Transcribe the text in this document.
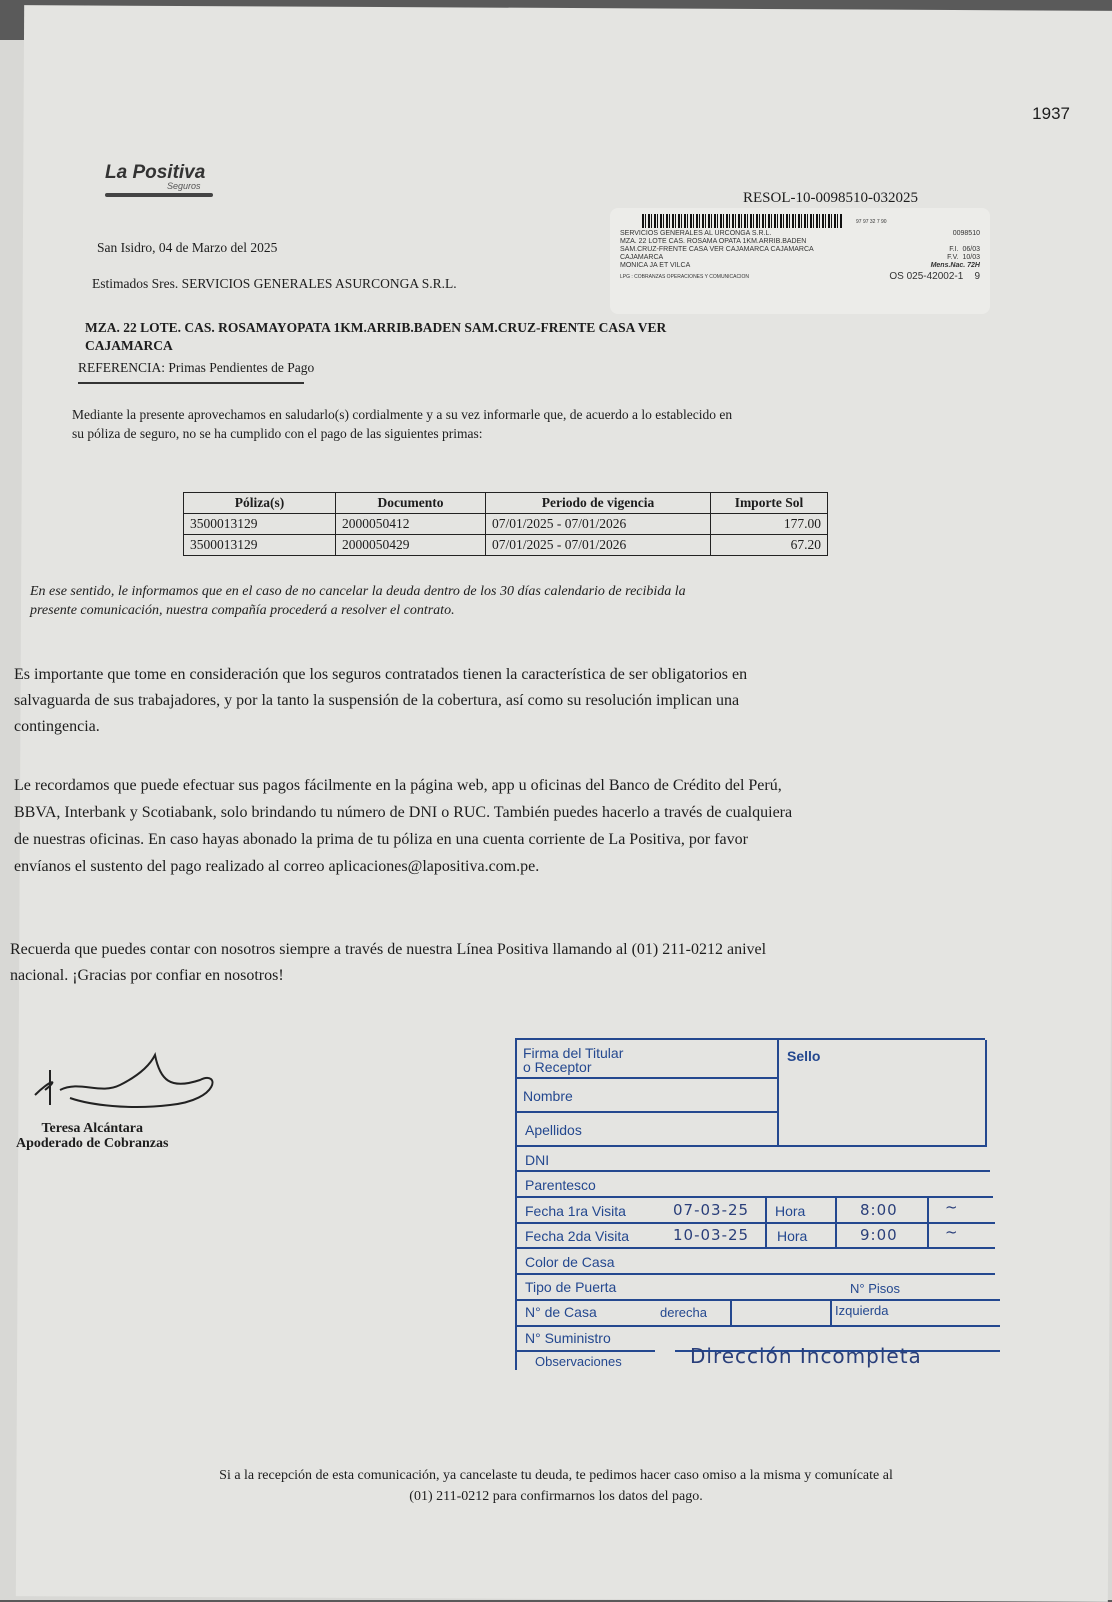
La Positiva
Seguros
1937
RESOL-10-0098510-032025
97 97 32 7 90
SERVICIOS GENERALES AL URCONGA S.R.L.	0098510
MZA. 22 LOTE CAS. ROSAMA OPATA 1KM.ARRIB.BADEN
SAM.CRUZ-FRENTE CASA VER CAJAMARCA CAJAMARCA	F.I. 06/03
CAJAMARCA	F.V. 10/03
MONICA JA ET VILCA	Mens.Nac. 72H
LPG : COBRANZAS OPERACIONES Y COMUNICACION	OS 025-42002-1 9
San Isidro, 04 de Marzo del 2025
Estimados Sres. SERVICIOS GENERALES ASURCONGA S.R.L.
MZA. 22 LOTE. CAS. ROSAMAYOPATA 1KM.ARRIB.BADEN SAM.CRUZ-FRENTE CASA VER
CAJAMARCA
REFERENCIA: Primas Pendientes de Pago
Mediante la presente aprovechamos en saludarlo(s) cordialmente y a su vez informarle que, de acuerdo a lo establecido en
su póliza de seguro, no se ha cumplido con el pago de las siguientes primas:
Póliza(s)	Documento	Periodo de vigencia	Importe Sol
3500013129	2000050412	07/01/2025 - 07/01/2026	177.00
3500013129	2000050429	07/01/2025 - 07/01/2026	67.20
En ese sentido, le informamos que en el caso de no cancelar la deuda dentro de los 30 días calendario de recibida la
presente comunicación, nuestra compañía procederá a resolver el contrato.
Es importante que tome en consideración que los seguros contratados tienen la característica de ser obligatorios en
salvaguarda de sus trabajadores, y por la tanto la suspensión de la cobertura, así como su resolución implican una
contingencia.
Le recordamos que puede efectuar sus pagos fácilmente en la página web, app u oficinas del Banco de Crédito del Perú,
BBVA, Interbank y Scotiabank, solo brindando tu número de DNI o RUC. También puedes hacerlo a través de cualquiera
de nuestras oficinas. En caso hayas abonado la prima de tu póliza en una cuenta corriente de La Positiva, por favor
envíanos el sustento del pago realizado al correo aplicaciones@lapositiva.com.pe.
Recuerda que puedes contar con nosotros siempre a través de nuestra Línea Positiva llamando al (01) 211-0212 anivel
nacional. ¡Gracias por confiar en nosotros!
Teresa Alcántara
Apoderado de Cobranzas
Firma del Titular
o Receptor
Sello
Nombre
Apellidos
DNI
Parentesco
Fecha 1ra Visita	07-03-25 Hora	8:00	~
Fecha 2da Visita	10-03-25 Hora	9:00	~
Color de Casa
Tipo de Puerta	N° Pisos
N° de Casa	derecha	Izquierda
N° Suministro
Observaciones	Dirección Incompleta
Si a la recepción de esta comunicación, ya cancelaste tu deuda, te pedimos hacer caso omiso a la misma y comunícate al
(01) 211-0212 para confirmarnos los datos del pago.
